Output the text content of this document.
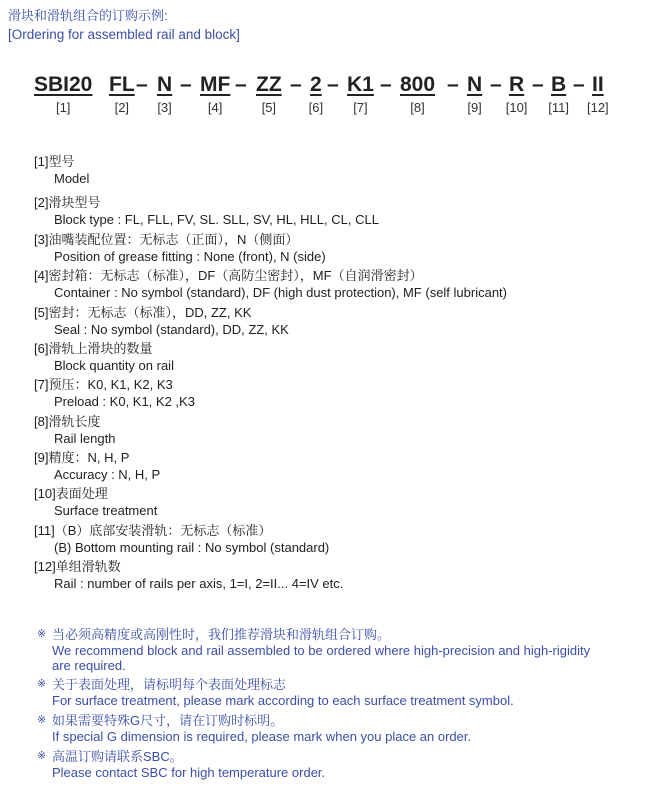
滑块和滑轨组合的订购示例:
[Ordering for assembled rail and block]
SBI20
[1]
FL
[2]
– N
[3]
– MF
[4]
– ZZ
[5]
– 2
[6]
– K1
[7]
– 800
[8]
– N
[9]
– R
[10]
– B
[11]
– II
[12]
[1]型号
Model
[2]滑块型号
Block type : FL, FLL, FV, SL. SLL, SV, HL, HLL, CL, CLL
[3]油嘴装配位置：无标志（正面），N（侧面）
Position of grease fitting : None (front), N (side)
[4]密封箱：无标志（标准），DF（高防尘密封），MF（自润滑密封）
Container : No symbol (standard), DF (high dust protection), MF (self lubricant)
[5]密封：无标志（标准），DD, ZZ, KK
Seal : No symbol (standard), DD, ZZ, KK
[6]滑轨上滑块的数量
Block quantity on rail
[7]预压：K0, K1, K2, K3
Preload : K0, K1, K2 ,K3
[8]滑轨长度
Rail length
[9]精度：N, H, P
Accuracy : N, H, P
[10]表面处理
Surface treatment
[11]（B）底部安装滑轨：无标志（标准）
(B) Bottom mounting rail : No symbol (standard)
[12]单组滑轨数
Rail : number of rails per axis, 1=I, 2=II... 4=IV etc.
※ 当必须高精度或高刚性时，我们推荐滑块和滑轨组合订购。
We recommend block and rail assembled to be ordered where high-precision and high-rigidity are required.
※ 关于表面处理，请标明每个表面处理标志
For surface treatment, please mark according to each surface treatment symbol.
※ 如果需要特殊G尺寸，请在订购时标明。
If special G dimension is required, please mark when you place an order.
※ 高温订购请联系SBC。
Please contact SBC for high temperature order.
